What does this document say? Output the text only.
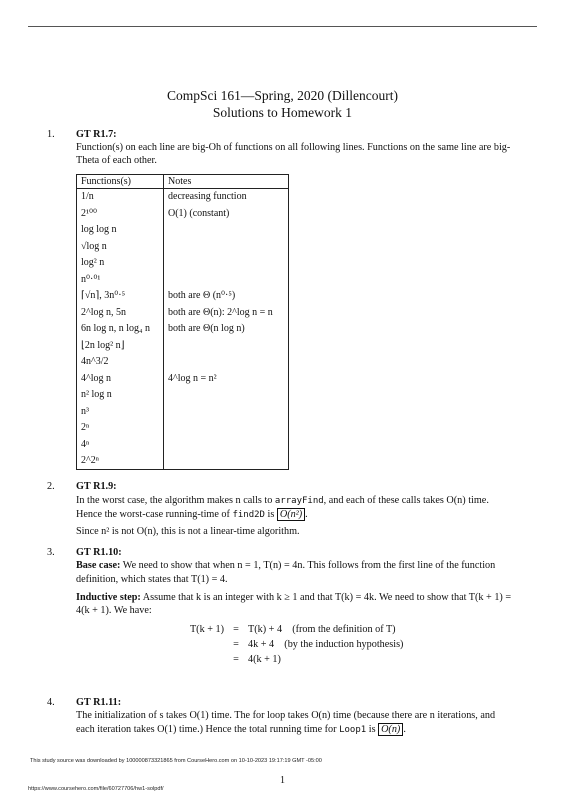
CompSci 161—Spring, 2020 (Dillencourt)
Solutions to Homework 1
1. GT R1.7:
Function(s) on each line are big-Oh of functions on all following lines. Functions on the same line are big-Theta of each other.
Functions(s)	Notes
1/n	decreasing function
2¹⁰⁰	O(1) (constant)
log log n	
√log n	
log² n	
n⁰·⁰¹	
⌈√n⌉, 3n⁰·⁵	both are Θ (n⁰·⁵)
2^log n, 5n	both are Θ(n): 2^log n = n
6n log n, n log₄ n	both are Θ(n log n)
⌊2n log² n⌋	
4n^3/2	
4^log n	4^log n = n²
n² log n	
n³	
2ⁿ	
4ⁿ	
2^2ⁿ	
2. GT R1.9:
In the worst case, the algorithm makes n calls to arrayFind, and each of these calls takes O(n) time. Hence the worst-case running-time of find2D is O(n²) .
Since n² is not O(n), this is not a linear-time algorithm.
3. GT R1.10:
Base case: We need to show that when n = 1, T(n) = 4n. This follows from the first line of the function definition, which states that T(1) = 4.
Inductive step: Assume that k is an integer with k ≥ 1 and that T(k) = 4k. We need to show that T(k + 1) = 4(k + 1). We have:
T(k + 1) = T(k) + 4    (from the definition of T)
= 4k + 4    (by the induction hypothesis)
= 4(k + 1)
4. GT R1.11:
The initialization of s takes O(1) time. The for loop takes O(n) time (because there are n iterations, and each iteration takes O(1) time.) Hence the total running time for Loop1 is O(n) .
This study source was downloaded by 100000873321865 from CourseHero.com on 10-10-2023 19:17:19 GMT -05:00
1
https://www.coursehero.com/file/60727706/hw1-solpdf/
